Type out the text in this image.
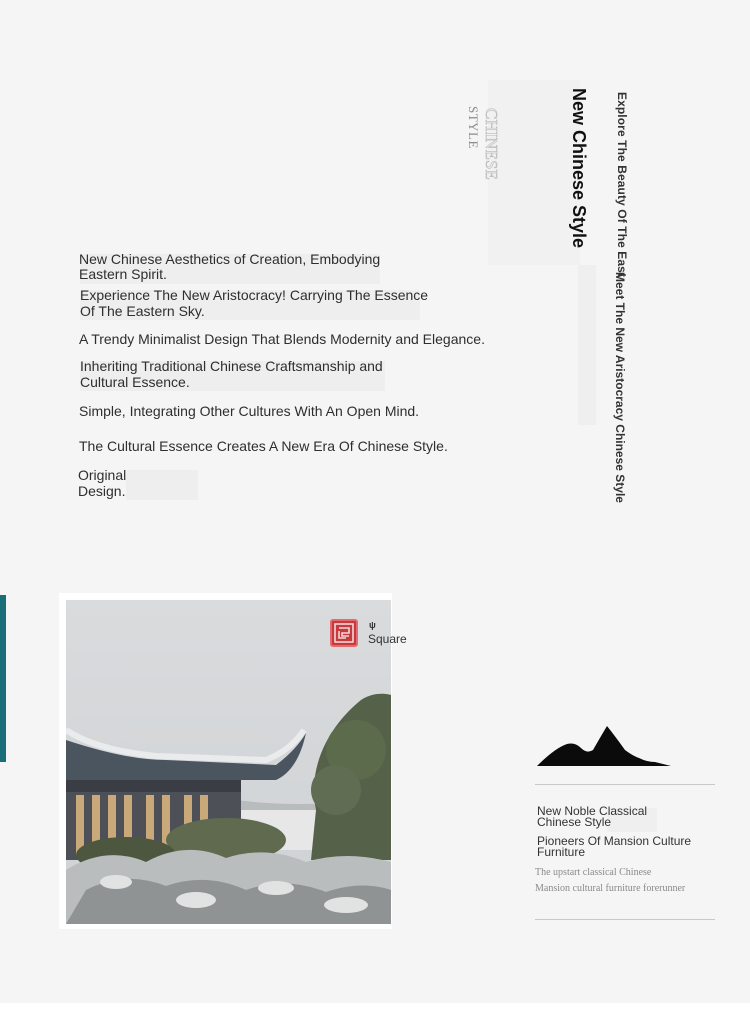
STYLE CHINESE	New Chinese Style Explore The Beauty Of The East
Meet The New Aristocracy Chinese Style
New Chinese Aesthetics of Creation, Embodying
Eastern Spirit.
Experience The New Aristocracy! Carrying The Essence
Of The Eastern Sky.
A Trendy Minimalist Design That Blends Modernity and Elegance.
Inheriting Traditional Chinese Craftsmanship and
Cultural Essence.
Simple, Integrating Other Cultures With An Open Mind.
The Cultural Essence Creates A New Era Of Chinese Style.
Original
Design.
ψ
Square
New Noble Classical
Chinese Style
Pioneers Of Mansion Culture
Furniture
The upstart classical Chinese
Mansion cultural furniture forerunner
